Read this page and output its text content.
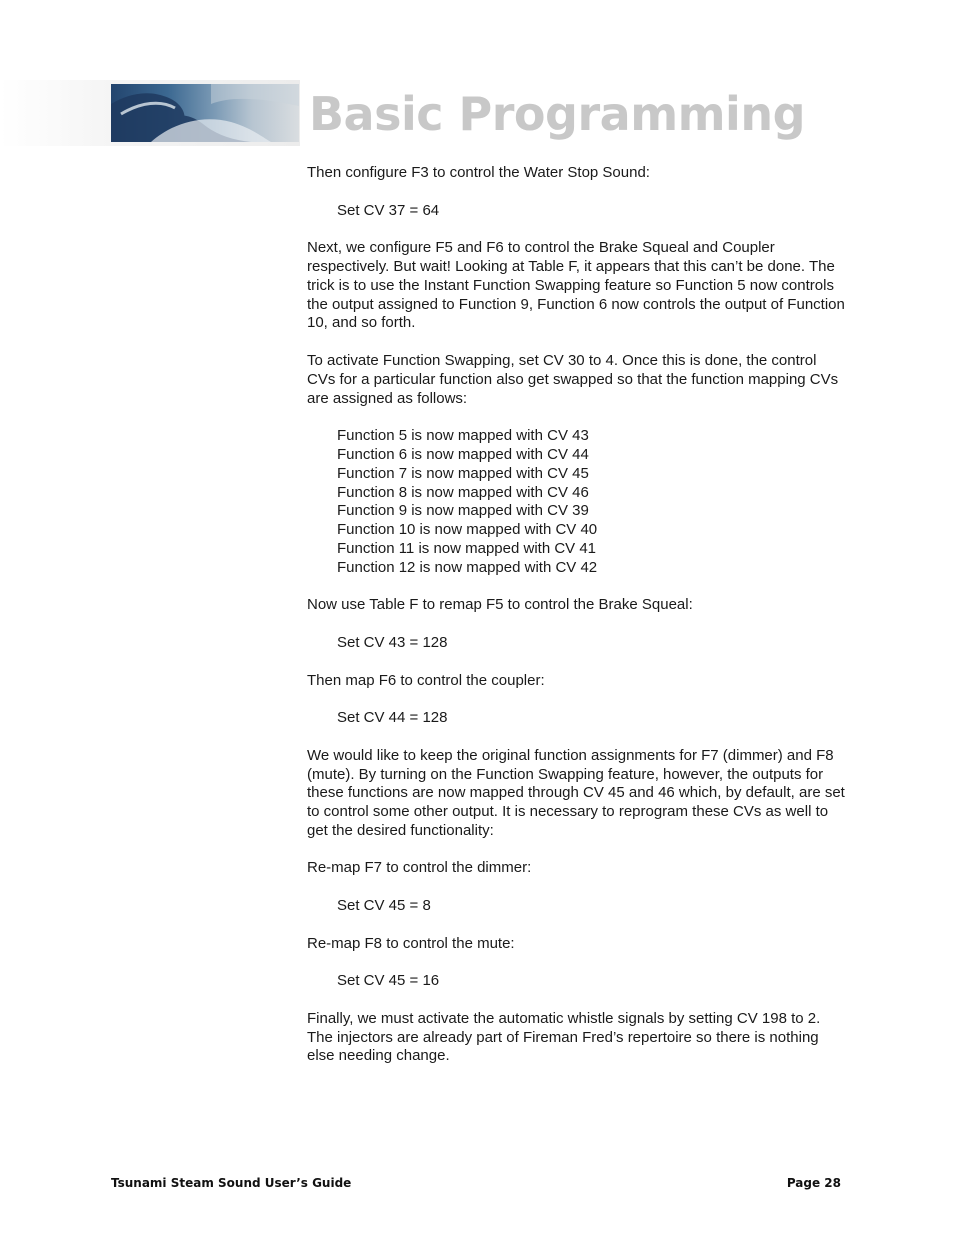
Basic Programming

Then configure F3 to control the Water Stop Sound:

Set CV 37 = 64

Next, we configure F5 and F6 to control the Brake Squeal and Coupler respectively. But wait! Looking at Table F, it appears that this can’t be done. The trick is to use the Instant Function Swapping feature so Function 5 now controls the output assigned to Function 9, Function 6 now controls the output of Function 10, and so forth.

To activate Function Swapping, set CV 30 to 4. Once this is done, the control CVs for a particular function also get swapped so that the function mapping CVs are assigned as follows:

Function 5 is now mapped with CV 43
Function 6 is now mapped with CV 44
Function 7 is now mapped with CV 45
Function 8 is now mapped with CV 46
Function 9 is now mapped with CV 39
Function 10 is now mapped with CV 40
Function 11 is now mapped with CV 41
Function 12 is now mapped with CV 42

Now use Table F to remap F5 to control the Brake Squeal:

Set CV 43 = 128

Then map F6 to control the coupler:

Set CV 44 = 128

We would like to keep the original function assignments for F7 (dimmer) and F8 (mute). By turning on the Function Swapping feature, however, the outputs for these functions are now mapped through CV 45 and 46 which, by default, are set to control some other output. It is necessary to reprogram these CVs as well to get the desired functionality:

Re-map F7 to control the dimmer:

Set CV 45 = 8

Re-map F8 to control the mute:

Set CV 45 = 16

Finally, we must activate the automatic whistle signals by setting CV 198 to 2. The injectors are already part of Fireman Fred’s repertoire so there is nothing else needing change.

Tsunami Steam Sound User’s Guide	Page 28
